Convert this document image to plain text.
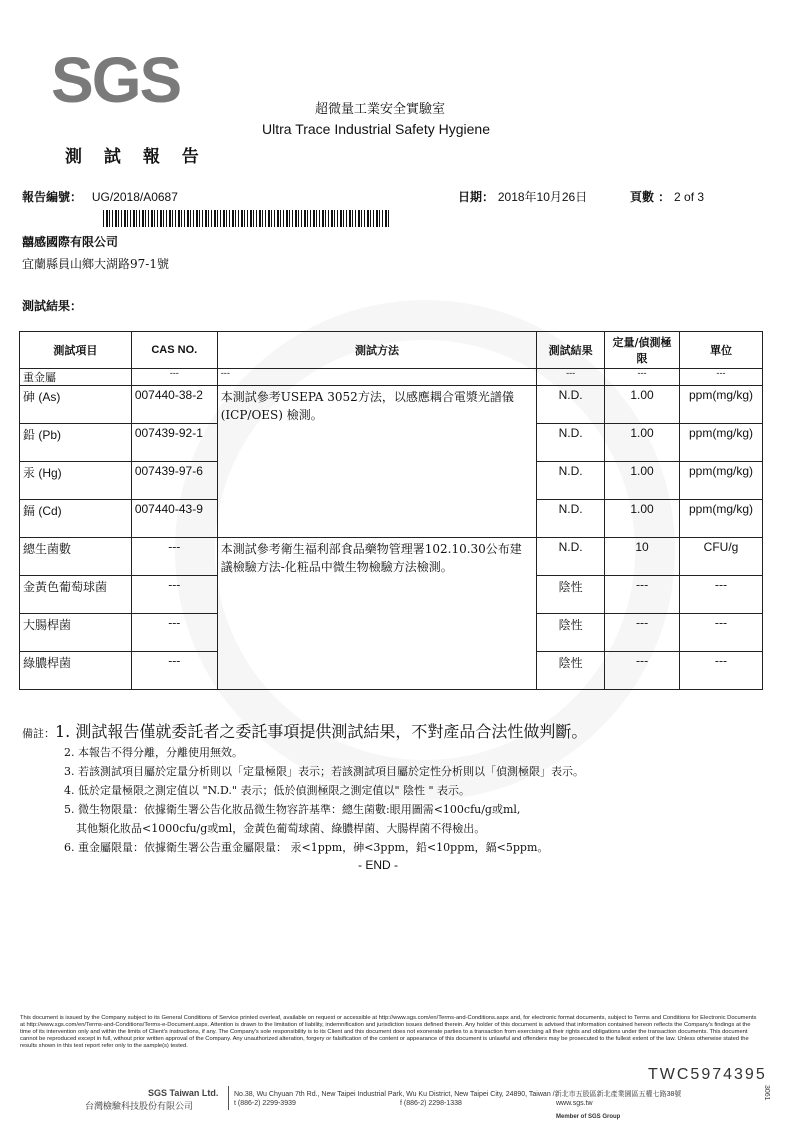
SGS	超微量工業安全實驗室
Ultra Trace Industrial Safety Hygiene
測 試 報 告
報告編號： UG/2018/A0687	日期： 2018年10月26日	頁數 ： 2 of 3
囍感國際有限公司
宜蘭縣員山鄉大湖路97-1號
測試結果：
測試項目	CAS NO.	測試方法	測試結果	定量/偵測極限	單位
重金屬	---	---	---	---	---
砷 (As)	007440-38-2	本測試參考USEPA 3052方法，以感應耦合電漿光譜儀(ICP/OES) 檢測。	N.D.	1.00	ppm(mg/kg)
鉛 (Pb)	007439-92-1		N.D.	1.00	ppm(mg/kg)
汞 (Hg)	007439-97-6		N.D.	1.00	ppm(mg/kg)
鎘 (Cd)	007440-43-9		N.D.	1.00	ppm(mg/kg)
總生菌數	---	本測試參考衛生福利部食品藥物管理署102.10.30公布建議檢驗方法-化粧品中微生物檢驗方法檢測。	N.D.	10	CFU/g
金黃色葡萄球菌	---		陰性	---	---
大腸桿菌	---		陰性	---	---
綠膿桿菌	---		陰性	---	---
備註：1. 測試報告僅就委託者之委託事項提供測試結果，不對產品合法性做判斷。
2. 本報告不得分離，分離使用無效。
3. 若該測試項目屬於定量分析則以「定量極限」表示；若該測試項目屬於定性分析則以「偵測極限」表示。
4. 低於定量極限之測定值以 "N.D." 表示；低於偵測極限之測定值以" 陰性 " 表示。
5. 微生物限量：依據衛生署公告化妝品微生物容許基準：總生菌數:眼用圖需<100cfu/g或ml,
其他類化妝品<1000cfu/g或ml，金黃色葡萄球菌、綠膿桿菌、大腸桿菌不得檢出。
6. 重金屬限量：依據衛生署公告重金屬限量： 汞<1ppm，砷<3ppm，鉛<10ppm，鎘<5ppm。
- END -
This document is issued by the Company subject to its General Conditions of Service printed overleaf, available on request or accessible at http://www.sgs.com/en/Terms-and-Conditions.aspx and, for electronic format documents, subject to Terms and Conditions for Electronic Documents at http://www.sgs.com/en/Terms-and-Conditions/Terms-e-Document.aspx. Attention is drawn to the limitation of liability, indemnification and jurisdiction issues defined therein. Any holder of this document is advised that information contained hereon reflects the Company's findings at the time of its intervention only and within the limits of Client's instructions, if any. The Company's sole responsibility is to its Client and this document does not exonerate parties to a transaction from exercising all their rights and obligations under the transaction documents. This document cannot be reproduced except in full, without prior written approval of the Company. Any unauthorized alteration, forgery or falsification of the content or appearance of this document is unlawful and offenders may be prosecuted to the fullest extent of the law. Unless otherwise stated the results shown in this test report refer only to the sample(s) tested.
TWC5974395
SGS Taiwan Ltd.
台灣檢驗科技股份有限公司
No.38, Wu Chyuan 7th Rd., New Taipei Industrial Park, Wu Ku District, New Taipei City, 24890, Taiwan /新北市五股區新北產業園區五權七路38號
t (886-2) 2299-3939	f (886-2) 2298-1338	www.sgs.tw
Member of SGS Group
3061
